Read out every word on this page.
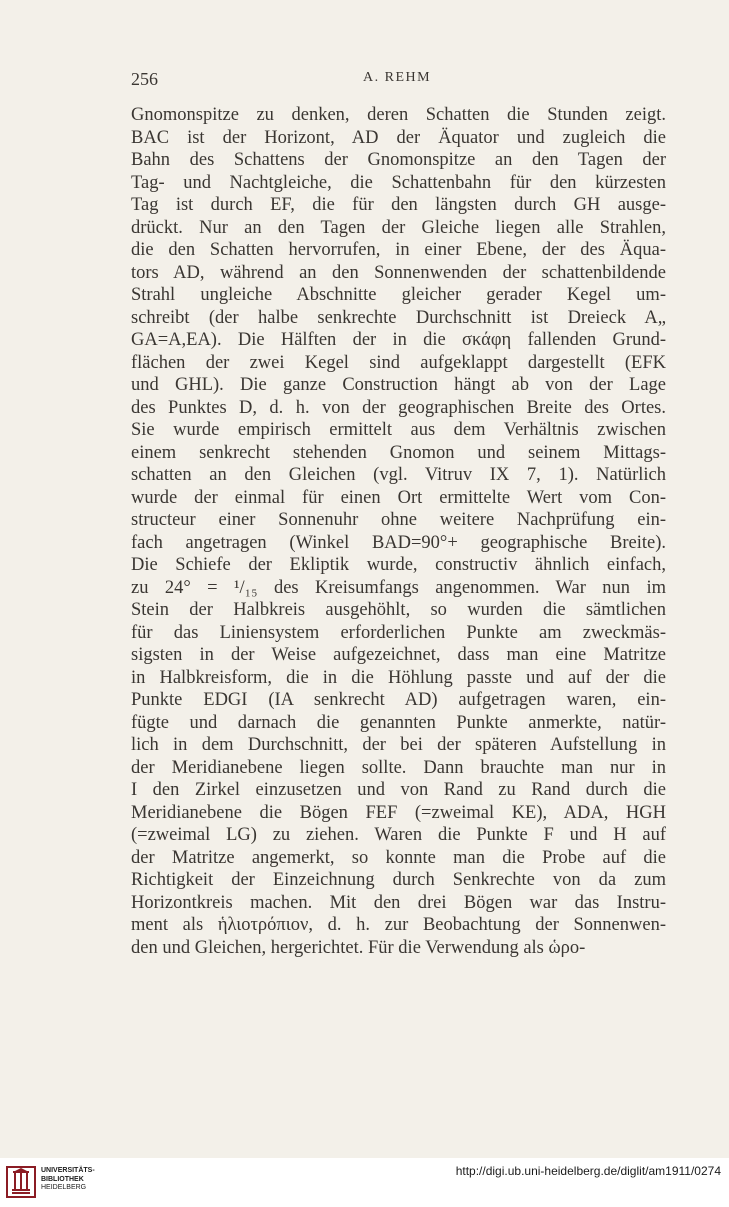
256	A. REHM
Gnomonspitze zu denken, deren Schatten die Stunden zeigt.
BAC ist der Horizont, AD der Äquator und zugleich die
Bahn des Schattens der Gnomonspitze an den Tagen der
Tag- und Nachtgleiche, die Schattenbahn für den kürzesten
Tag ist durch EF, die für den längsten durch GH ausge-
drückt. Nur an den Tagen der Gleiche liegen alle Strahlen,
die den Schatten hervorrufen, in einer Ebene, der des Äqua-
tors AD, während an den Sonnenwenden der schattenbildende
Strahl ungleiche Abschnitte gleicher gerader Kegel um-
schreibt (der halbe senkrechte Durchschnitt ist Dreieck A„
GA=A,EA). Die Hälften der in die σκάφη fallenden Grund-
flächen der zwei Kegel sind aufgeklappt dargestellt (EFK
und GHL). Die ganze Construction hängt ab von der Lage
des Punktes D, d. h. von der geographischen Breite des Ortes.
Sie wurde empirisch ermittelt aus dem Verhältnis zwischen
einem senkrecht stehenden Gnomon und seinem Mittags-
schatten an den Gleichen (vgl. Vitruv IX 7, 1). Natürlich
wurde der einmal für einen Ort ermittelte Wert vom Con-
structeur einer Sonnenuhr ohne weitere Nachprüfung ein-
fach angetragen (Winkel BAD=90°+ geographische Breite).
Die Schiefe der Ekliptik wurde, constructiv ähnlich einfach,
zu 24° = ¹/₁₅ des Kreisumfangs angenommen. War nun im
Stein der Halbkreis ausgehöhlt, so wurden die sämtlichen
für das Liniensystem erforderlichen Punkte am zweckmäs-
sigsten in der Weise aufgezeichnet, dass man eine Matritze
in Halbkreisform, die in die Höhlung passte und auf der die
Punkte EDGI (IA senkrecht AD) aufgetragen waren, ein-
fügte und darnach die genannten Punkte anmerkte, natür-
lich in dem Durchschnitt, der bei der späteren Aufstellung in
der Meridianebene liegen sollte. Dann brauchte man nur in
I den Zirkel einzusetzen und von Rand zu Rand durch die
Meridianebene die Bögen FEF (=zweimal KE), ADA, HGH
(=zweimal LG) zu ziehen. Waren die Punkte F und H auf
der Matritze angemerkt, so konnte man die Probe auf die
Richtigkeit der Einzeichnung durch Senkrechte von da zum
Horizontkreis machen. Mit den drei Bögen war das Instru-
ment als ἡλιοτρόπιον, d. h. zur Beobachtung der Sonnenwen-
den und Gleichen, hergerichtet. Für die Verwendung als ὡρο-
UNIVERSITÄTS-
BIBLIOTHEK
HEIDELBERG
http://digi.ub.uni-heidelberg.de/diglit/am1911/0274
